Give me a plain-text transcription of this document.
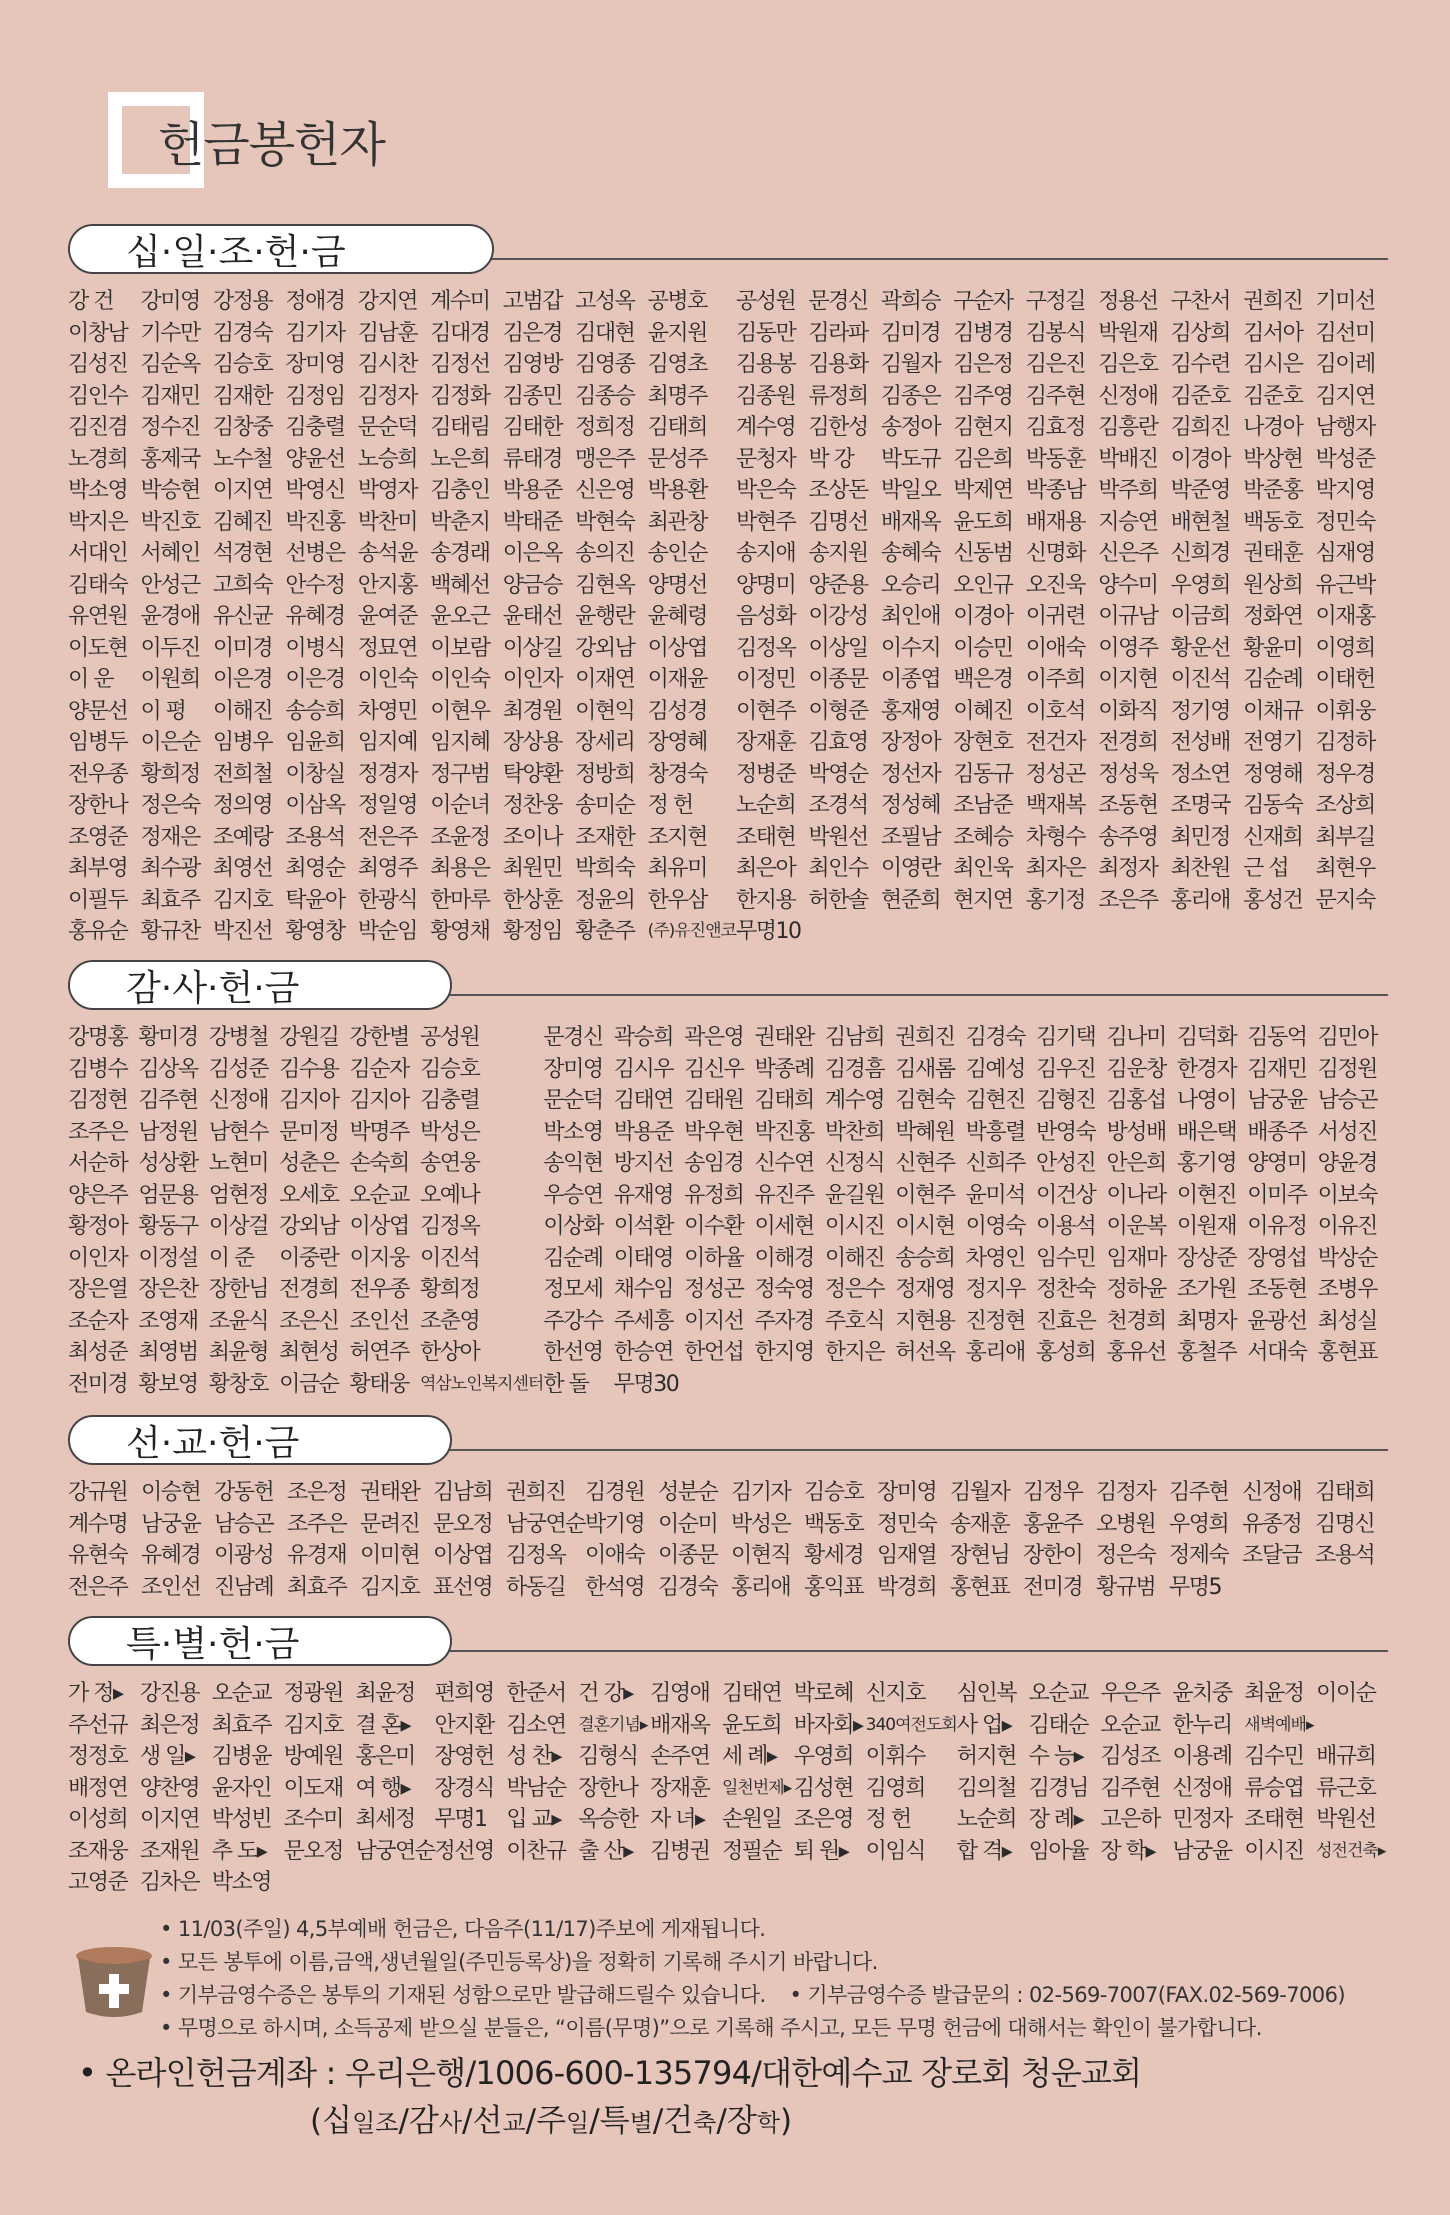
헌금봉헌자
십·일·조·헌·금
강 건	강미영 강정용 정애경 강지연 계수미 고범갑 고성옥 공병호	공성원 문경신 곽희승 구순자 구정길 정용선 구찬서 권희진 기미선
이창남 기수만 김경숙 김기자 김남훈 김대경 김은경 김대현 윤지원	김동만 김라파 김미경 김병경 김봉식 박원재 김상희 김서아 김선미
김성진 김순옥 김승호 장미영 김시찬 김정선 김영방 김영종 김영초	김용봉 김용화 김월자 김은정 김은진 김은호 김수련 김시은 김이레
김인수 김재민 김재한 김정임 김정자 김정화 김종민 김종승 최명주	김종원 류정희 김종은 김주영 김주현 신정애 김준호 김준호 김지연
김진겸 정수진 김창중 김충렬 문순덕 김태림 김태한 정희정 김태희	계수영 김한성 송정아 김현지 김효정 김흥란 김희진 나경아 남행자
노경희 홍제국 노수철 양윤선 노승희 노은희 류태경 맹은주 문성주	문청자 박 강	박도규 김은희 박동훈 박배진 이경아 박상현 박성준
박소영 박승현 이지연 박영신 박영자 김충인 박용준 신은영 박용환	박은숙 조상돈 박일오 박제연 박종남 박주희 박준영 박준홍 박지영
박지은 박진호 김혜진 박진홍 박찬미 박춘지 박태준 박현숙 최관창	박현주 김명선 배재옥 윤도희 배재용 지승연 배현철 백동호 정민숙
서대인 서혜인 석경현 선병은 송석윤 송경래 이은옥 송의진 송인순	송지애 송지원 송혜숙 신동범 신명화 신은주 신희경 권태훈 심재영
김태숙 안성근 고희숙 안수정 안지홍 백혜선 양금승 김현옥 양명선	양명미 양준용 오승리 오인규 오진욱 양수미 우영희 원상희 유근박
유연원 윤경애 유신균 유혜경 윤여준 윤오근 윤태선 윤행란 윤혜령	음성화 이강성 최인애 이경아 이귀련 이규남 이금희 정화연 이재홍
이도현 이두진 이미경 이병식 정묘연 이보람 이상길 강외남 이상엽	김정옥 이상일 이수지 이승민 이애숙 이영주 황운선 황윤미 이영희
이 운	이원희 이은경 이은경 이인숙 이인숙 이인자 이재연 이재윤	이정민 이종문 이종엽 백은경 이주희 이지현 이진석 김순례 이태헌
양문선 이 평	이해진 송승희 차영민 이현우 최경원 이현익 김성경	이현주 이형준 홍재영 이혜진 이호석 이화직 정기영 이채규 이휘웅
임병두 이은순 임병우 임윤희 임지예 임지혜 장상용 장세리 장영혜	장재훈 김효영 장정아 장현호 전건자 전경희 전성배 전영기 김정하
전우종 황희정 전희철 이창실 정경자 정구범 탁양환 정방희 창경숙	정병준 박영순 정선자 김동규 정성곤 정성욱 정소연 정영해 정우경
장한나 정은숙 정의영 이삼옥 정일영 이순녀 정찬웅 송미순 정 헌	노순희 조경석 정성혜 조남준 백재복 조동현 조명국 김동숙 조상희
조영준 정재은 조예랑 조용석 전은주 조윤정 조이나 조재한 조지현	조태현 박원선 조필남 조혜승 차형수 송주영 최민정 신재희 최부길
최부영 최수광 최영선 최영순 최영주 최용은 최원민 박희숙 최유미	최은아 최인수 이영란 최인욱 최자은 최정자 최찬원 근 섭	최현우
이필두 최효주 김지호 탁윤아 한광식 한마루 한상훈 정윤의 한우삼	한지용 허한솔 현준희 현지연 홍기정 조은주 홍리애 홍성건 문지숙
홍유순 황규찬 박진선 황영창 박순임 황영채 황정임 황춘주 (주)유진앤코 무명10
감·사·헌·금
강명홍 황미경 강병철 강원길 강한별 공성원	문경신 곽승희 곽은영 권태완 김남희 권희진 김경숙 김기택 김나미 김덕화 김동억 김민아
김병수 김상옥 김성준 김수용 김순자 김승호	장미영 김시우 김신우 박종례 김경흠 김새롬 김예성 김우진 김운창 한경자 김재민 김정원
김정현 김주현 신정애 김지아 김지아 김충렬	문순덕 김태연 김태원 김태희 계수영 김현숙 김현진 김형진 김홍섭 나영이 남궁윤 남승곤
조주은 남정원 남현수 문미정 박명주 박성은	박소영 박용준 박우현 박진홍 박찬희 박혜원 박흥렬 반영숙 방성배 배은택 배종주 서성진
서순하 성상환 노현미 성춘은 손숙희 송연웅	송익현 방지선 송임경 신수연 신정식 신현주 신희주 안성진 안은희 홍기영 양영미 양윤경
양은주 엄문용 엄현정 오세호 오순교 오예나	우승연 유재영 유정희 유진주 윤길원 이현주 윤미석 이건상 이나라 이현진 이미주 이보숙
황정아 황동구 이상걸 강외남 이상엽 김정옥	이상화 이석환 이수환 이세현 이시진 이시현 이영숙 이용석 이운복 이원재 이유정 이유진
이인자 이정설 이 준	이중란 이지웅 이진석	김순례 이태영 이하율 이해경 이해진 송승희 차영인 임수민 임재마 장상준 장영섭 박상순
장은열 장은찬 장한님 전경희 전우종 황희정	정모세 채수임 정성곤 정숙영 정은수 정재영 정지우 정찬숙 정하윤 조가원 조동현 조병우
조순자 조영재 조윤식 조은신 조인선 조춘영	주강수 주세흥 이지선 주자경 주호식 지현용 진정현 진효은 천경희 최명자 윤광선 최성실
최성준 최영범 최윤형 최현성 허연주 한상아	한선영 한승연 한언섭 한지영 한지은 허선옥 홍리애 홍성희 홍유선 홍철주 서대숙 홍현표
전미경 황보영 황창호 이금순 황태웅 역삼노인복지센터 한 돌	무명30
선·교·헌·금
강규원 이승현 강동헌 조은정 권태완 김남희 권희진 김경원 성분순 김기자 김승호 장미영 김월자 김정우 김정자 김주현 신정애 김태희
계수명 남궁윤 남승곤 조주은 문려진 문오정 남궁연순 박기영 이순미 박성은 백동호 정민숙 송재훈 홍윤주 오병원 우영희 유종정 김명신
유현숙 유혜경 이광성 유경재 이미현 이상엽 김정옥 이애숙 이종문 이현직 황세경 임재열 장현님 장한이 정은숙 정제숙 조달금 조용석
전은주 조인선 진남례 최효주 김지호 표선영 하동길 한석영 김경숙 홍리애 홍익표 박경희 홍현표 전미경 황규범 무명5
특·별·헌·금
가 정▸ 강진용 오순교 정광원 최윤정 편희영 한준서 건 강▸ 김영애 김태연 박로혜 신지호	심인복 오순교 우은주 윤치중 최윤정 이이순
주선규 최은정 최효주 김지호 결 혼▸	안지환 김소연 결혼기념▸ 배재옥 윤도희 바자회▸ 340여전도회 사 업▸ 김태순 오순교 한누리 새벽예배▸
정정호 생 일▸ 김병윤 방예원 홍은미 장영헌 성 찬▸ 김형식 손주연 세 례▸ 우영희 이휘수	허지현 수 능▸ 김성조 이용례 김수민 배규희
배정연 양찬영 윤자인 이도재 여 행▸	장경식 박남순 장한나 장재훈 일천번제▸ 김성현 김영희	김의철 김경님 김주현 신정애 류승엽 류근호
이성희 이지연 박성빈 조수미 최세정 무명1 입 교▸ 옥승한 자 녀▸ 손원일 조은영 정 헌	노순희 장 례▸ 고은하 민정자 조태현 박원선
조재웅 조재원 추 도▸ 문오정 남궁연순 정선영 이찬규 출 산▸ 김병권 정필순 퇴 원▸ 이임식	합 격▸ 임아율 장 학▸ 남궁윤 이시진 성전건축▸
고영준 김차은 박소영
• 11/03(주일) 4,5부예배 헌금은, 다음주(11/17)주보에 게재됩니다.
• 모든 봉투에 이름,금액,생년월일(주민등록상)을 정확히 기록해 주시기 바랍니다.
• 기부금영수증은 봉투의 기재된 성함으로만 발급해드릴수 있습니다. • 기부금영수증 발급문의 : 02-569-7007(FAX.02-569-7006)
• 무명으로 하시며, 소득공제 받으실 분들은, “이름(무명)”으로 기록해 주시고, 모든 무명 헌금에 대해서는 확인이 불가합니다.
• 온라인헌금계좌 : 우리은행/1006-600-135794/대한예수교 장로회 청운교회
(십일조/감사/선교/주일/특별/건축/장학)
